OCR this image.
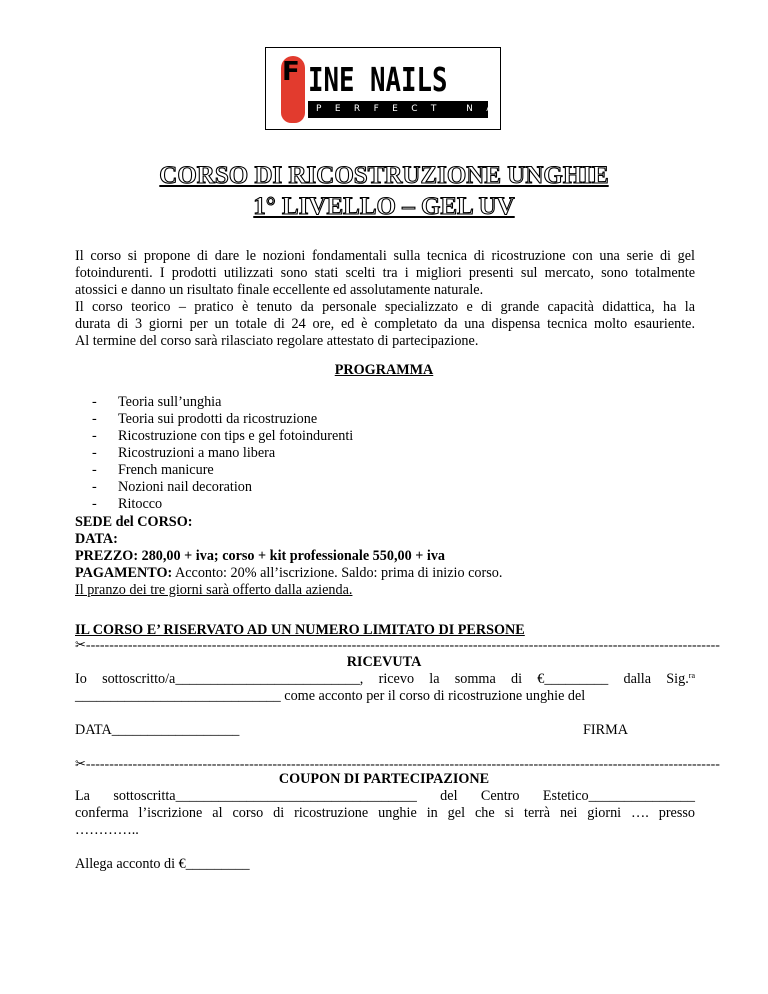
F INE NAILS
PERFECT NAILS
CORSO DI RICOSTRUZIONE UNGHIE
1° LIVELLO – GEL UV
Il corso si propone di dare le nozioni fondamentali sulla tecnica di ricostruzione con una serie di gel
fotoindurenti. I prodotti utilizzati sono stati scelti tra i migliori presenti sul mercato, sono totalmente
atossici e danno un risultato finale eccellente ed assolutamente naturale.
Il corso teorico – pratico è tenuto da personale specializzato e di grande capacità didattica, ha la
durata di 3 giorni per un totale di 24 ore, ed è completato da una dispensa tecnica molto esauriente.
Al termine del corso sarà rilasciato regolare attestato di partecipazione.
PROGRAMMA
- Teoria sull’unghia
- Teoria sui prodotti da ricostruzione
- Ricostruzione con tips e gel fotoindurenti
- Ricostruzioni a mano libera
- French manicure
- Nozioni nail decoration
- Ritocco
SEDE del CORSO:
DATA:
PREZZO: 280,00 + iva; corso + kit professionale 550,00 + iva
PAGAMENTO: Acconto: 20% all’iscrizione. Saldo: prima di inizio corso.
Il pranzo dei tre giorni sarà offerto dalla azienda.
IL CORSO E’ RISERVATO AD UN NUMERO LIMITATO DI PERSONE
✂----------------------------------------------------------------------------------------------------------------------------------------
RICEVUTA
Io sottoscritto/a__________________________, ricevo la somma di €_________ dalla Sig.$^{ra}$
_____________________________ come acconto per il corso di ricostruzione unghie del
DATA__________________	FIRMA
✂----------------------------------------------------------------------------------------------------------------------------------------
COUPON DI PARTECIPAZIONE
La sottoscritta__________________________________ del Centro Estetico_______________
conferma l’iscrizione al corso di ricostruzione unghie in gel che si terrà nei giorni …. presso
…………..
Allega acconto di €_________
